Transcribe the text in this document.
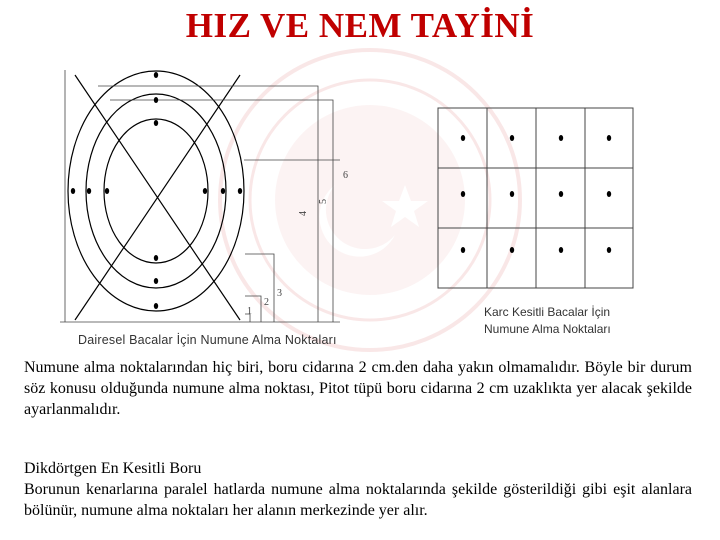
HIZ VE NEM TAYİNİ
1
2
3
4
5
6
Dairesel Bacalar İçin Numune Alma Noktaları
Karc Kesitli Bacalar İçin
Numune Alma Noktaları
Numune alma noktalarından hiç biri, boru cidarına 2 cm.den daha yakın olmamalıdır. Böyle bir durum söz konusu olduğunda numune alma noktası, Pitot tüpü boru cidarına 2 cm uzaklıkta yer alacak şekilde ayarlanmalıdır.
Dikdörtgen En Kesitli Boru
Borunun kenarlarına paralel hatlarda numune alma noktalarında şekilde gösterildiği gibi eşit alanlara bölünür, numune alma noktaları her alanın merkezinde yer alır.
